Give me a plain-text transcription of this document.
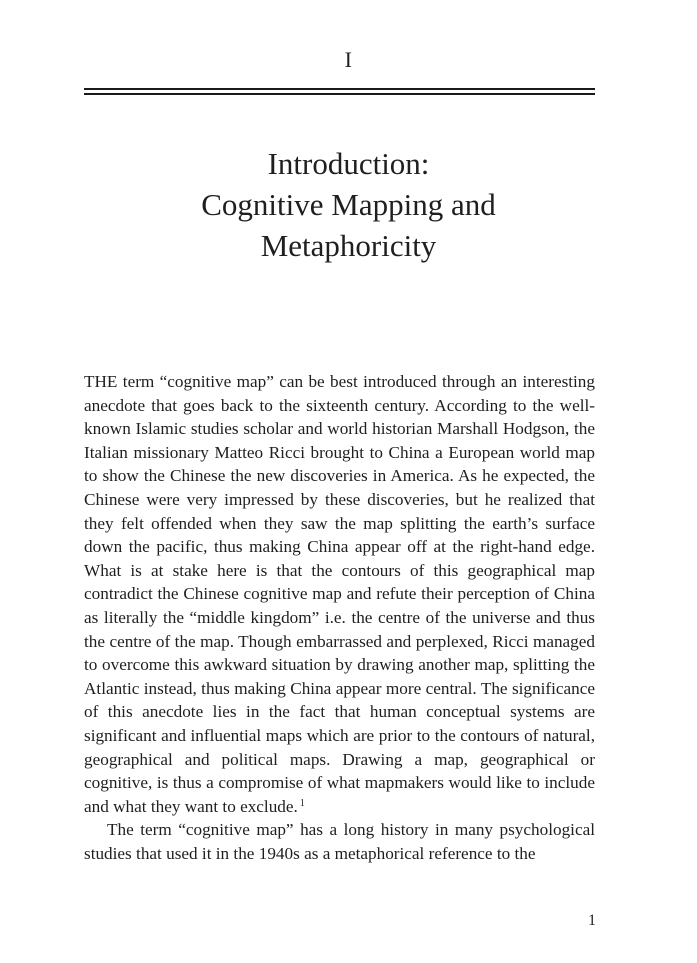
I
Introduction:
Cognitive Mapping and
Metaphoricity

THE term “cognitive map” can be best introduced through an interesting anecdote that goes back to the sixteenth century. According to the well-known Islamic studies scholar and world historian Marshall Hodgson, the Italian missionary Matteo Ricci brought to China a European world map to show the Chinese the new discoveries in America. As he expected, the Chinese were very impressed by these discoveries, but he realized that they felt offended when they saw the map splitting the earth’s surface down the pacific, thus making China appear off at the right-hand edge. What is at stake here is that the contours of this geographical map contradict the Chinese cognitive map and refute their perception of China as literally the “middle kingdom” i.e. the centre of the universe and thus the centre of the map. Though embarrassed and perplexed, Ricci managed to overcome this awkward situation by drawing another map, splitting the Atlantic instead, thus making China appear more central. The significance of this anecdote lies in the fact that human conceptual systems are significant and influential maps which are prior to the contours of natural, geographical and political maps. Drawing a map, geographical or cognitive, is thus a compromise of what mapmakers would like to include and what they want to exclude. $^1$

The term “cognitive map” has a long history in many psychological studies that used it in the 1940s as a metaphorical reference to the

1
